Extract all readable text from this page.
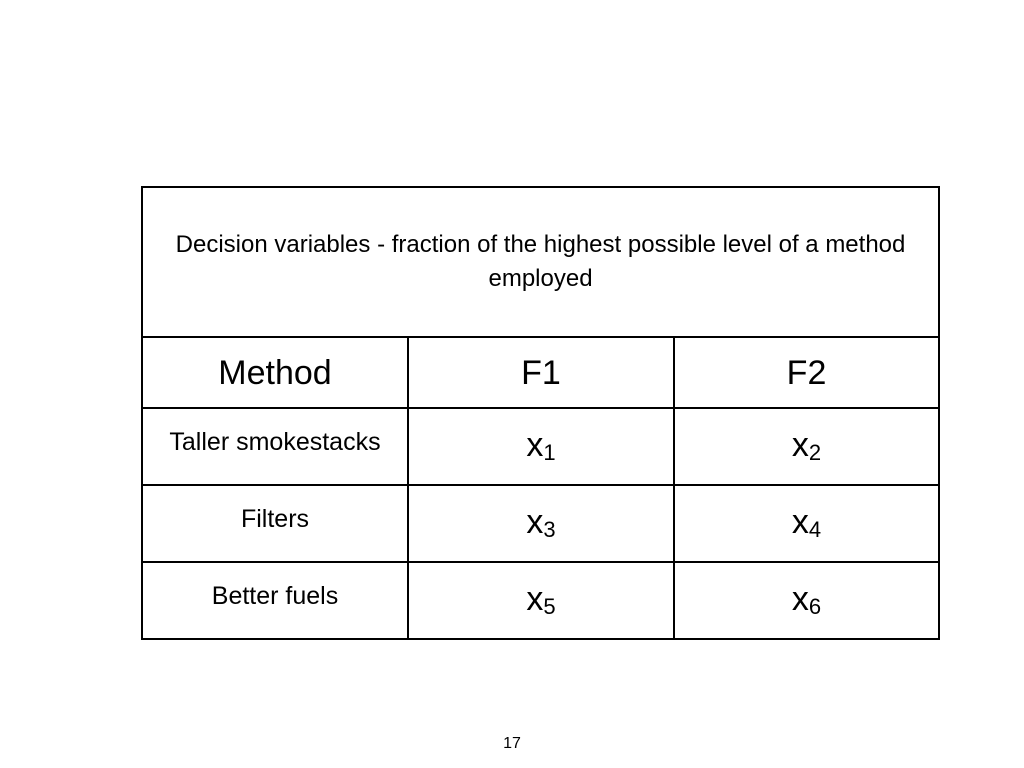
Decision variables - fraction of the highest possible level of a method employed		
Method	F1	F2
Taller smokestacks	$x_1$	$x_2$
Filters	$x_3$	$x_4$
Better fuels	$x_5$	$x_6$
17
